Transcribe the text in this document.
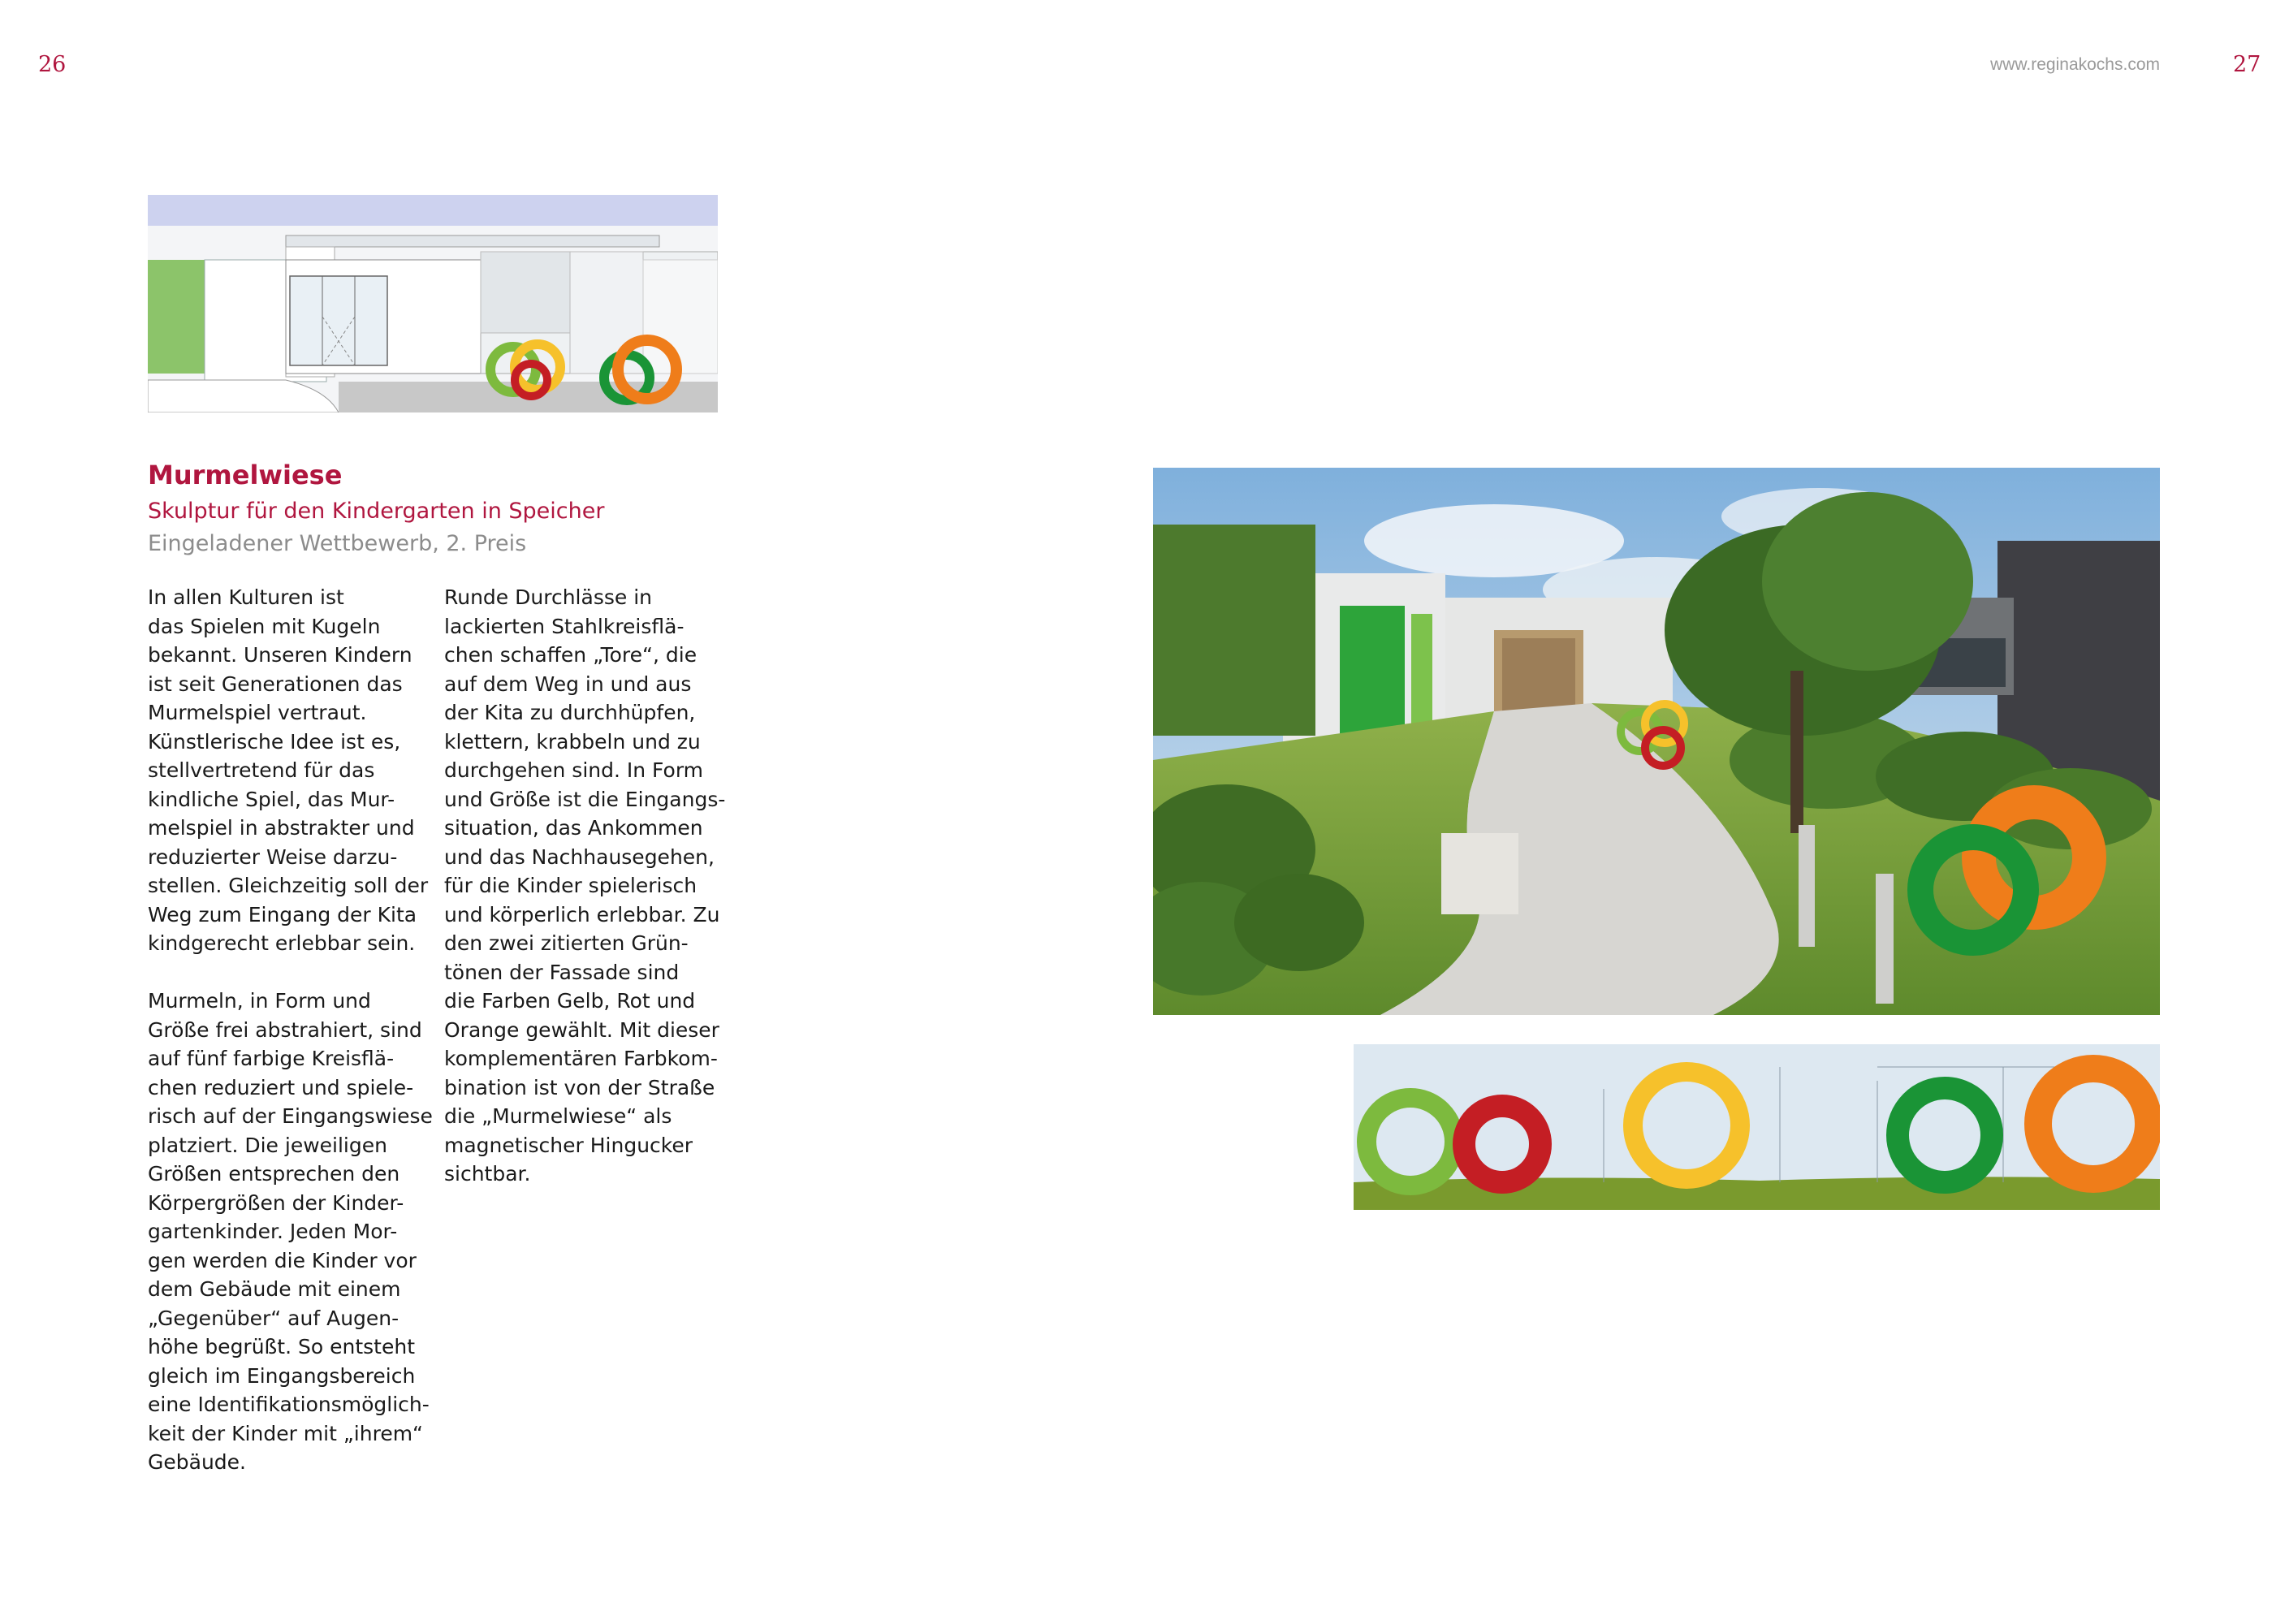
26	www.reginakochs.com	27
Murmelwiese
Skulptur für den Kindergarten in Speicher
Eingeladener Wettbewerb, 2. Preis
In allen Kulturen ist
das Spielen mit Kugeln
bekannt. Unseren Kindern
ist seit Generationen das
Murmelspiel vertraut.
Künstlerische Idee ist es,
stellvertretend für das
kindliche Spiel, das Mur-
melspiel in abstrakter und
reduzierter Weise darzu-
stellen. Gleichzeitig soll der
Weg zum Eingang der Kita
kindgerecht erlebbar sein.
Murmeln, in Form und
Größe frei abstrahiert, sind
auf fünf farbige Kreisflä-
chen reduziert und spiele-
risch auf der Eingangswiese
platziert. Die jeweiligen
Größen entsprechen den
Körpergrößen der Kinder-
gartenkinder. Jeden Mor-
gen werden die Kinder vor
dem Gebäude mit einem
„Gegenüber“ auf Augen-
höhe begrüßt. So entsteht
gleich im Eingangsbereich
eine Identifikationsmöglich-
keit der Kinder mit „ihrem“
Gebäude.
Runde Durchlässe in
lackierten Stahlkreisflä-
chen schaffen „Tore“, die
auf dem Weg in und aus
der Kita zu durchhüpfen,
klettern, krabbeln und zu
durchgehen sind. In Form
und Größe ist die Eingangs-
situation, das Ankommen
und das Nachhausegehen,
für die Kinder spielerisch
und körperlich erlebbar. Zu
den zwei zitierten Grün-
tönen der Fassade sind
die Farben Gelb, Rot und
Orange gewählt. Mit dieser
komplementären Farbkom-
bination ist von der Straße
die „Murmelwiese“ als
magnetischer Hingucker
sichtbar.
